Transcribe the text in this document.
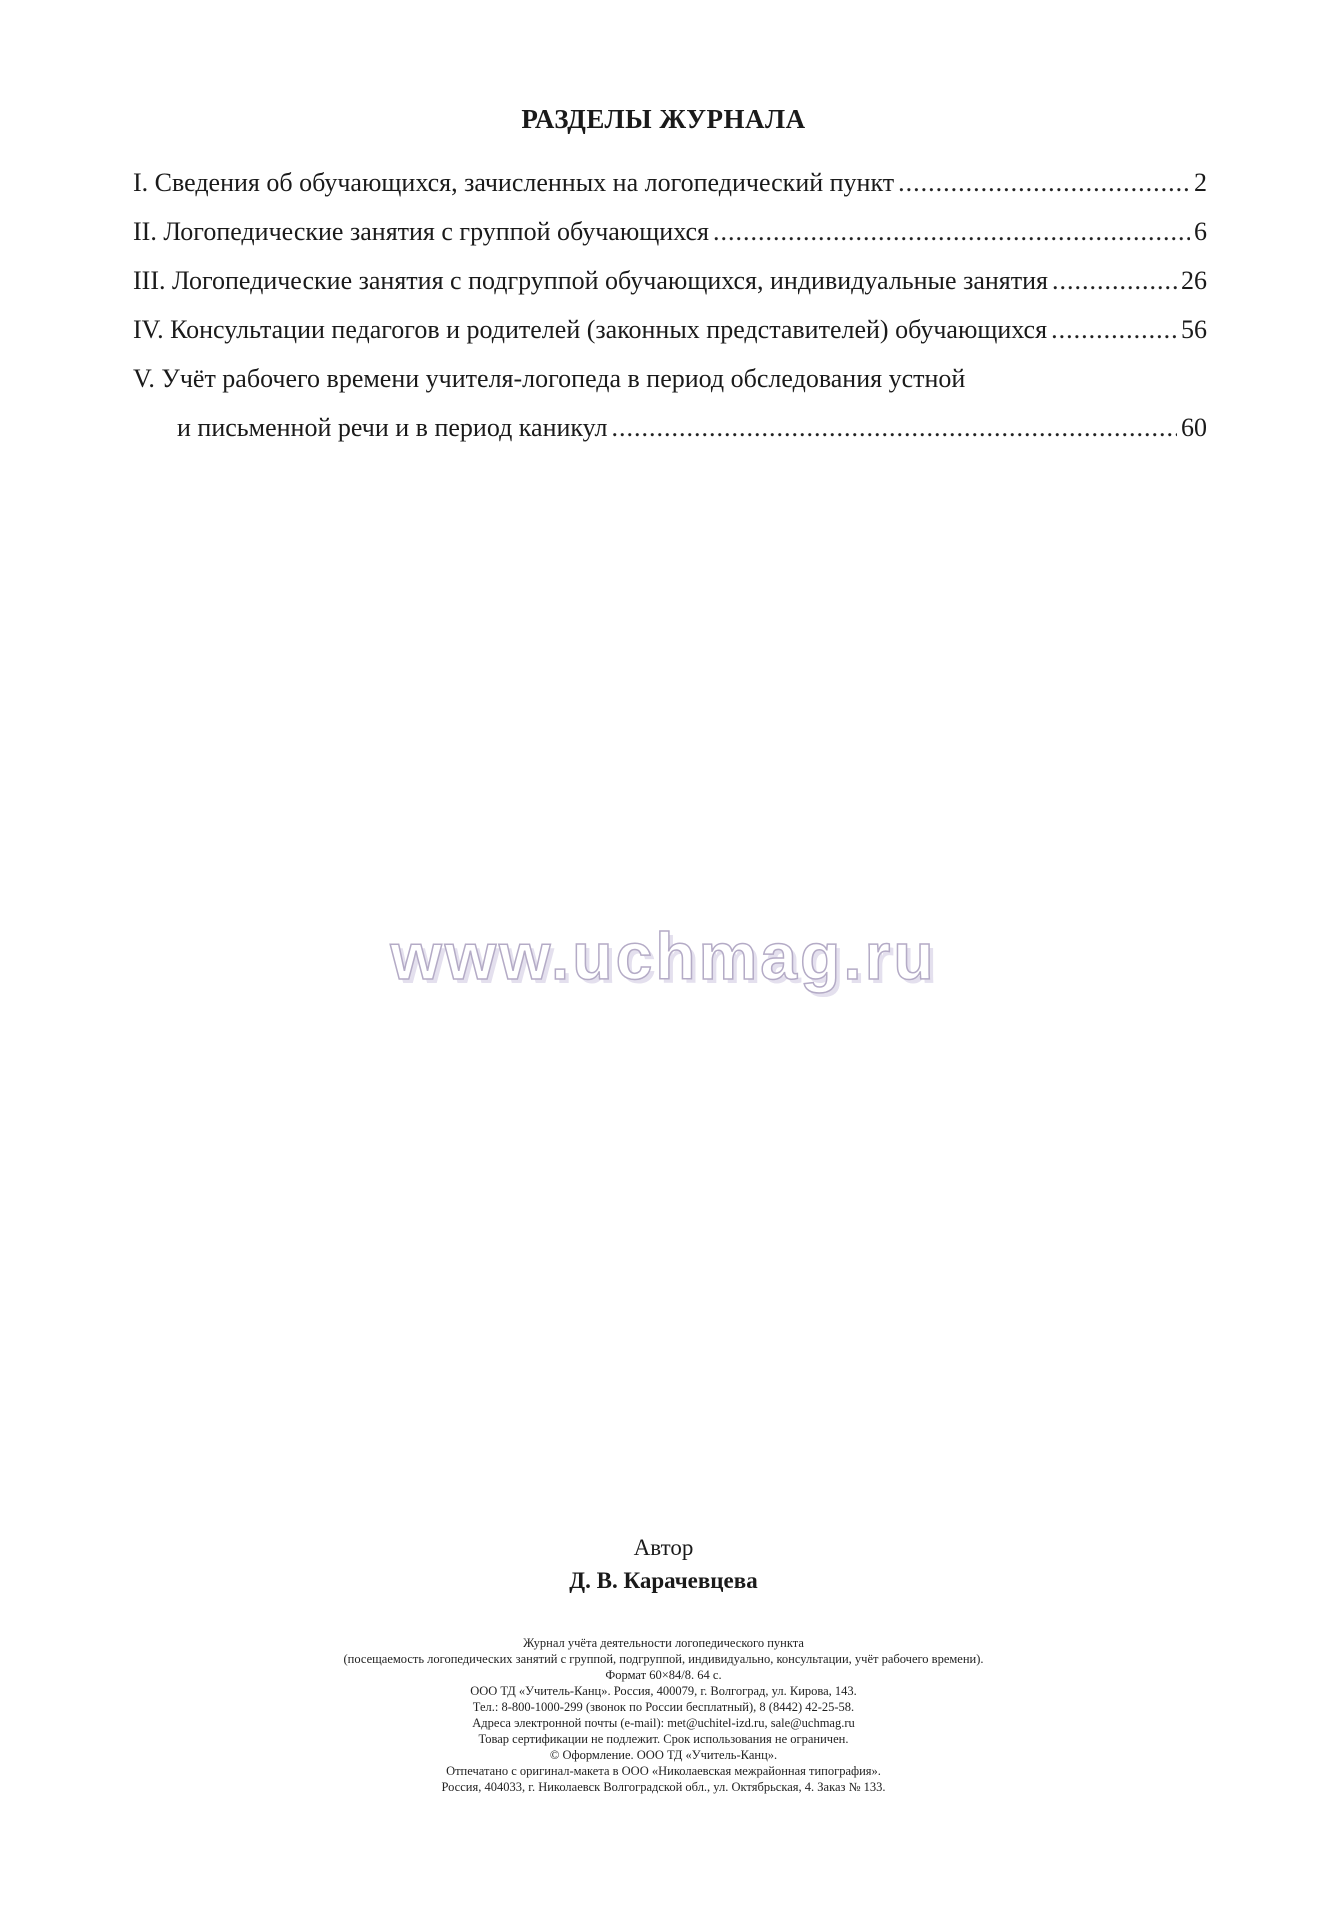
РАЗДЕЛЫ ЖУРНАЛА
I. Сведения об обучающихся, зачисленных на логопедический пункт .....	2
II. Логопедические занятия с группой обучающихся .....	6
III. Логопедические занятия с подгруппой обучающихся, индивидуальные занятия .....	26
IV. Консультации педагогов и родителей (законных представителей) обучающихся .....	56
V. Учёт рабочего времени учителя-логопеда в период обследования устной
и письменной речи и в период каникул .....	60
www.uchmag.ru
Автор
Д. В. Карачевцева
Журнал учёта деятельности логопедического пункта
(посещаемость логопедических занятий с группой, подгруппой, индивидуально, консультации, учёт рабочего времени).
Формат 60×84/8. 64 с.
ООО ТД «Учитель-Канц». Россия, 400079, г. Волгоград, ул. Кирова, 143.
Тел.: 8-800-1000-299 (звонок по России бесплатный), 8 (8442) 42-25-58.
Адреса электронной почты (e-mail): met@uchitel-izd.ru, sale@uchmag.ru
Товар сертификации не подлежит. Срок использования не ограничен.
© Оформление. ООО ТД «Учитель-Канц».
Отпечатано с оригинал-макета в ООО «Николаевская межрайонная типография».
Россия, 404033, г. Николаевск Волгоградской обл., ул. Октябрьская, 4. Заказ № 133.
